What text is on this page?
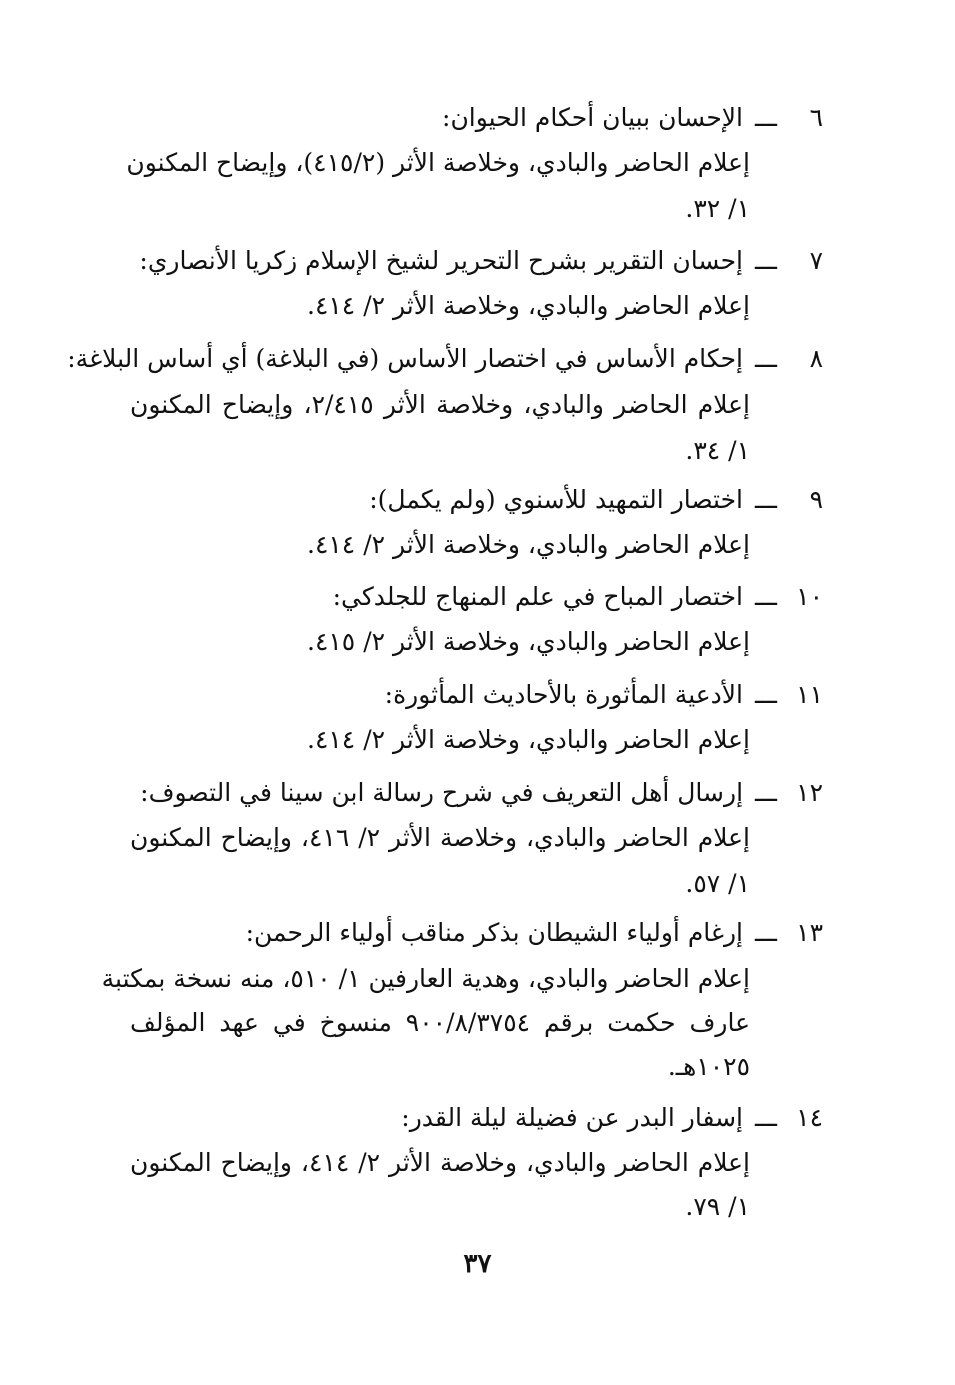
٦ـــالإحسان ببيان أحكام الحيوان:
إعلام الحاضر والبادي، وخلاصة الأثر (٤١٥/٢)، وإيضاح المكنون
١/ ٣٢.
٧ـــإحسان التقرير بشرح التحرير لشيخ الإسلام زكريا الأنصاري:
إعلام الحاضر والبادي، وخلاصة الأثر ٢/ ٤١٤.
٨ـــإحكام الأساس في اختصار الأساس (في البلاغة) أي أساس البلاغة:
إعلام الحاضر والبادي، وخلاصة الأثر ٢/٤١٥، وإيضاح المكنون
١/ ٣٤.
٩ـــاختصار التمهيد للأسنوي (ولم يكمل):
إعلام الحاضر والبادي، وخلاصة الأثر ٢/ ٤١٤.
١٠ـــاختصار المباح في علم المنهاج للجلدكي:
إعلام الحاضر والبادي، وخلاصة الأثر ٢/ ٤١٥.
١١ـــالأدعية المأثورة بالأحاديث المأثورة:
إعلام الحاضر والبادي، وخلاصة الأثر ٢/ ٤١٤.
١٢ـــإرسال أهل التعريف في شرح رسالة ابن سينا في التصوف:
إعلام الحاضر والبادي، وخلاصة الأثر ٢/ ٤١٦، وإيضاح المكنون
١/ ٥٧.
١٣ـــإرغام أولياء الشيطان بذكر مناقب أولياء الرحمن:
إعلام الحاضر والبادي، وهدية العارفين ١/ ٥١٠، منه نسخة بمكتبة
عارف حكمت برقم ٩٠٠/٨/٣٧٥٤ منسوخ في عهد المؤلف
١٠٢٥هـ.
١٤ـــإسفار البدر عن فضيلة ليلة القدر:
إعلام الحاضر والبادي، وخلاصة الأثر ٢/ ٤١٤، وإيضاح المكنون
١/ ٧٩.
٣٧
